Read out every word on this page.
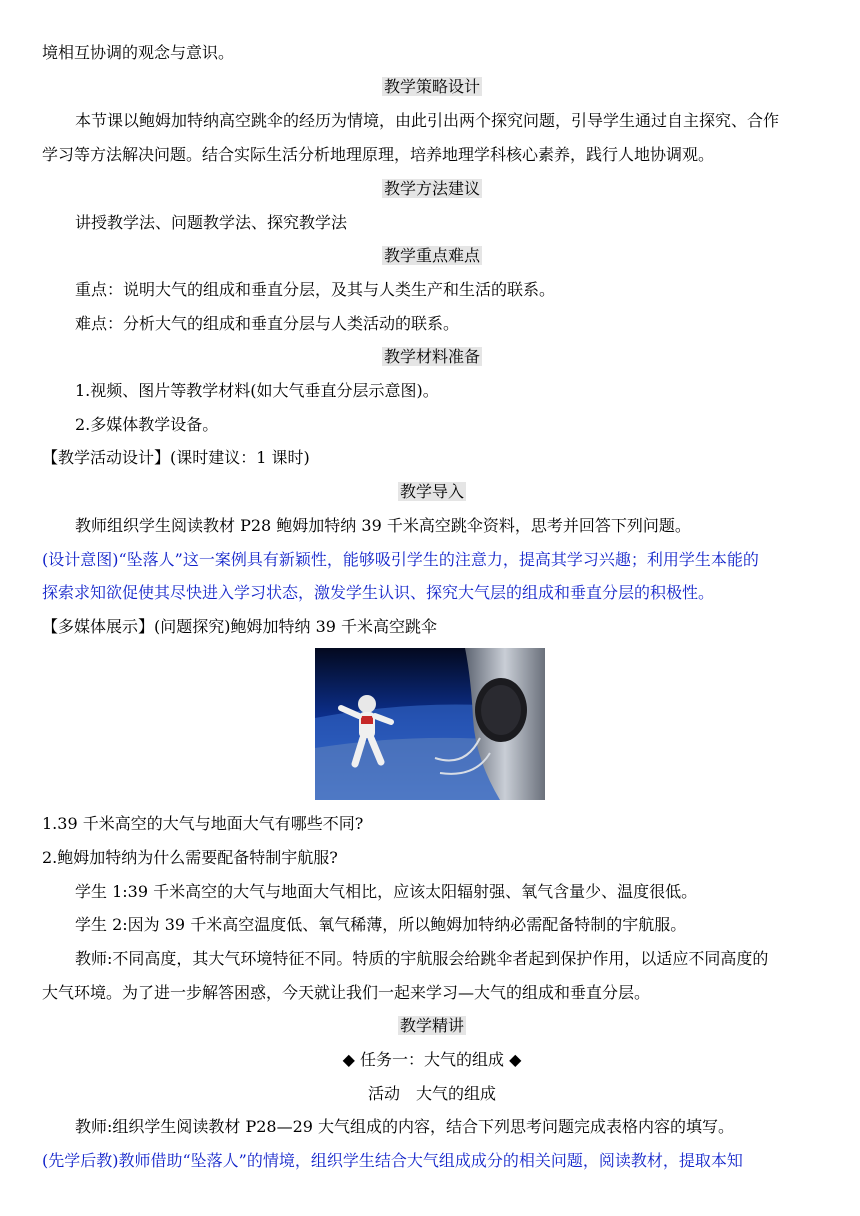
境相互协调的观念与意识。
教学策略设计
本节课以鲍姆加特纳高空跳伞的经历为情境，由此引出两个探究问题，引导学生通过自主探究、合作
学习等方法解决问题。结合实际生活分析地理原理，培养地理学科核心素养，践行人地协调观。
教学方法建议
讲授教学法、问题教学法、探究教学法
教学重点难点
重点：说明大气的组成和垂直分层，及其与人类生产和生活的联系。
难点：分析大气的组成和垂直分层与人类活动的联系。
教学材料准备
1.视频、图片等教学材料(如大气垂直分层示意图)。
2.多媒体教学设备。
【教学活动设计】(课时建议：1 课时)
教学导入
教师组织学生阅读教材 P28 鲍姆加特纳 39 千米高空跳伞资料，思考并回答下列问题。
(设计意图)“坠落人”这一案例具有新颖性，能够吸引学生的注意力，提高其学习兴趣；利用学生本能的
探索求知欲促使其尽快进入学习状态，激发学生认识、探究大气层的组成和垂直分层的积极性。
【多媒体展示】(问题探究)鲍姆加特纳 39 千米高空跳伞
1.39 千米高空的大气与地面大气有哪些不同?
2.鲍姆加特纳为什么需要配备特制宇航服?
学生 1:39 千米高空的大气与地面大气相比，应该太阳辐射强、氧气含量少、温度很低。
学生 2:因为 39 千米高空温度低、氧气稀薄，所以鲍姆加特纳必需配备特制的宇航服。
教师:不同高度，其大气环境特征不同。特质的宇航服会给跳伞者起到保护作用，以适应不同高度的
大气环境。为了进一步解答困惑，今天就让我们一起来学习—大气的组成和垂直分层。
教学精讲
◆ 任务一：大气的组成 ◆
活动　大气的组成
教师:组织学生阅读教材 P28—29 大气组成的内容，结合下列思考问题完成表格内容的填写。
(先学后教)教师借助“坠落人”的情境，组织学生结合大气组成成分的相关问题，阅读教材，提取本知
